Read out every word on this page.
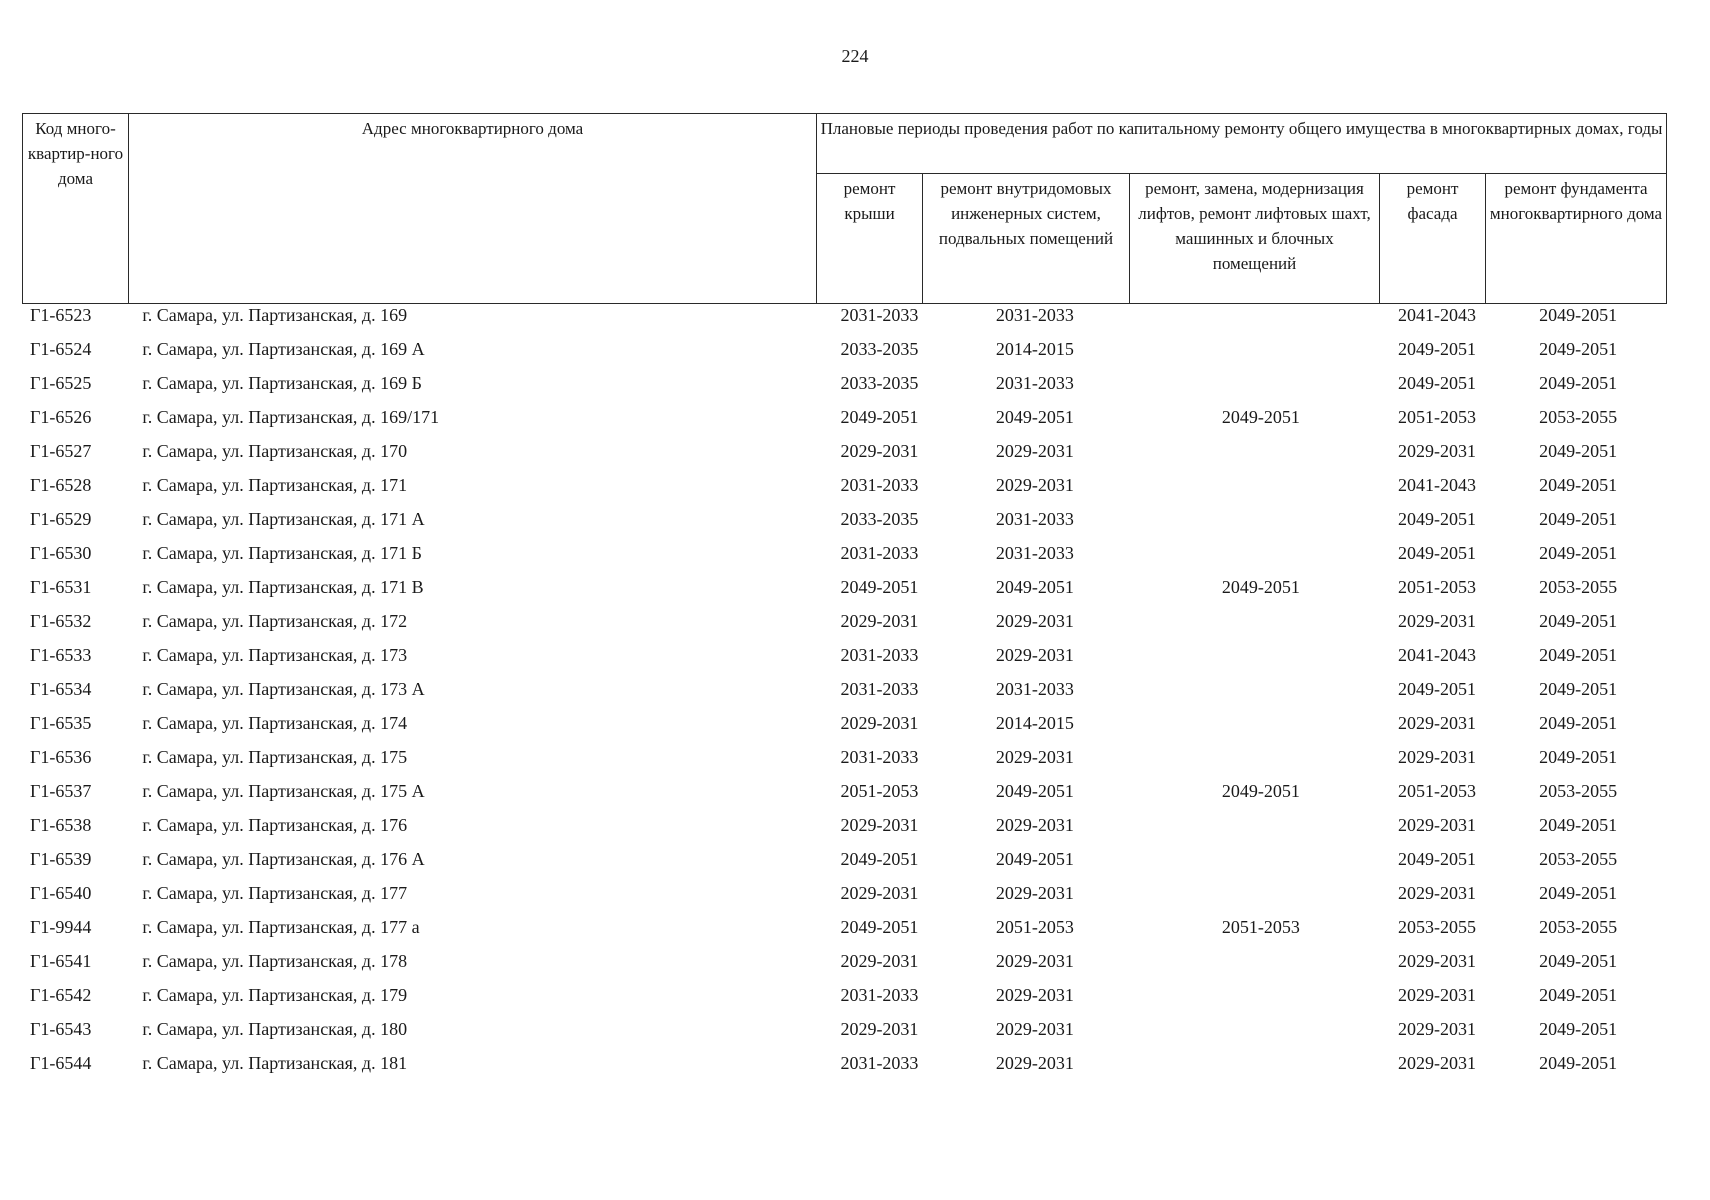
224
Код много-квартир-ного дома	Адрес многоквартирного дома	Плановые периоды проведения работ по капитальному ремонту общего имущества в многоквартирных домах, годы				
		ремонт крыши	ремонт внутридомовых инженерных систем, подвальных помещений	ремонт, замена, модернизация лифтов, ремонт лифтовых шахт, машинных и блочных помещений	ремонт фасада	ремонт фундамента многоквартирного дома
Г1-6523	г. Самара, ул. Партизанская, д. 169	2031-2033	2031-2033		2041-2043	2049-2051
Г1-6524	г. Самара, ул. Партизанская, д. 169 А	2033-2035	2014-2015		2049-2051	2049-2051
Г1-6525	г. Самара, ул. Партизанская, д. 169 Б	2033-2035	2031-2033		2049-2051	2049-2051
Г1-6526	г. Самара, ул. Партизанская, д. 169/171	2049-2051	2049-2051	2049-2051	2051-2053	2053-2055
Г1-6527	г. Самара, ул. Партизанская, д. 170	2029-2031	2029-2031		2029-2031	2049-2051
Г1-6528	г. Самара, ул. Партизанская, д. 171	2031-2033	2029-2031		2041-2043	2049-2051
Г1-6529	г. Самара, ул. Партизанская, д. 171 А	2033-2035	2031-2033		2049-2051	2049-2051
Г1-6530	г. Самара, ул. Партизанская, д. 171 Б	2031-2033	2031-2033		2049-2051	2049-2051
Г1-6531	г. Самара, ул. Партизанская, д. 171 В	2049-2051	2049-2051	2049-2051	2051-2053	2053-2055
Г1-6532	г. Самара, ул. Партизанская, д. 172	2029-2031	2029-2031		2029-2031	2049-2051
Г1-6533	г. Самара, ул. Партизанская, д. 173	2031-2033	2029-2031		2041-2043	2049-2051
Г1-6534	г. Самара, ул. Партизанская, д. 173 А	2031-2033	2031-2033		2049-2051	2049-2051
Г1-6535	г. Самара, ул. Партизанская, д. 174	2029-2031	2014-2015		2029-2031	2049-2051
Г1-6536	г. Самара, ул. Партизанская, д. 175	2031-2033	2029-2031		2029-2031	2049-2051
Г1-6537	г. Самара, ул. Партизанская, д. 175 А	2051-2053	2049-2051	2049-2051	2051-2053	2053-2055
Г1-6538	г. Самара, ул. Партизанская, д. 176	2029-2031	2029-2031		2029-2031	2049-2051
Г1-6539	г. Самара, ул. Партизанская, д. 176 А	2049-2051	2049-2051		2049-2051	2053-2055
Г1-6540	г. Самара, ул. Партизанская, д. 177	2029-2031	2029-2031		2029-2031	2049-2051
Г1-9944	г. Самара, ул. Партизанская, д. 177 а	2049-2051	2051-2053	2051-2053	2053-2055	2053-2055
Г1-6541	г. Самара, ул. Партизанская, д. 178	2029-2031	2029-2031		2029-2031	2049-2051
Г1-6542	г. Самара, ул. Партизанская, д. 179	2031-2033	2029-2031		2029-2031	2049-2051
Г1-6543	г. Самара, ул. Партизанская, д. 180	2029-2031	2029-2031		2029-2031	2049-2051
Г1-6544	г. Самара, ул. Партизанская, д. 181	2031-2033	2029-2031		2029-2031	2049-2051
